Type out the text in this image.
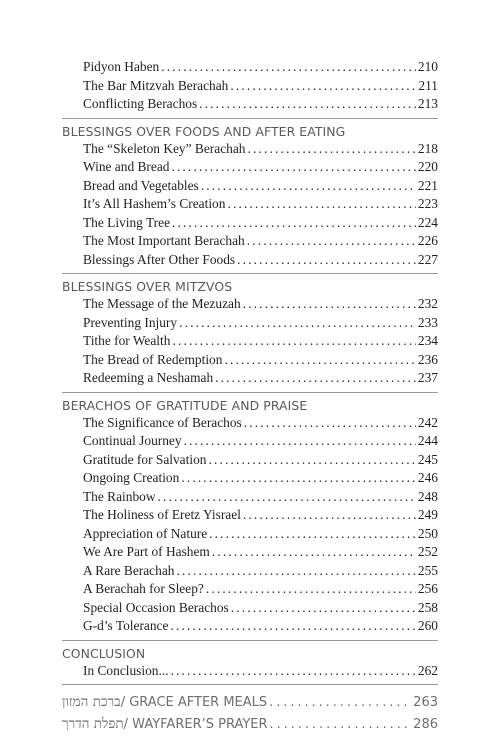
Pidyon Haben . . .	210
The Bar Mitzvah Berachah . . .	211
Conflicting Berachos . . .	213
BLESSINGS OVER FOODS AND AFTER EATING
The “Skeleton Key” Berachah . . .	218
Wine and Bread . . .	220
Bread and Vegetables . . .	221
It’s All Hashem’s Creation . . .	223
The Living Tree . . .	224
The Most Important Berachah . . .	226
Blessings After Other Foods . . .	227
BLESSINGS OVER MITZVOS
The Message of the Mezuzah . . .	232
Preventing Injury . . .	233
Tithe for Wealth . . .	234
The Bread of Redemption . . .	236
Redeeming a Neshamah . . .	237
BERACHOS OF GRATITUDE AND PRAISE
The Significance of Berachos . . .	242
Continual Journey . . .	244
Gratitude for Salvation . . .	245
Ongoing Creation . . .	246
The Rainbow . . .	248
The Holiness of Eretz Yisrael . . .	249
Appreciation of Nature . . .	250
We Are Part of Hashem . . .	252
A Rare Berachah . . .	255
A Berachah for Sleep? . . .	256
Special Occasion Berachos . . .	258
G-d’s Tolerance . . .	260
CONCLUSION
In Conclusion... . . .	262
ברכת המזון / GRACE AFTER MEALS . . .	263
תפלת הדרך / WAYFARER’S PRAYER . . .	286
